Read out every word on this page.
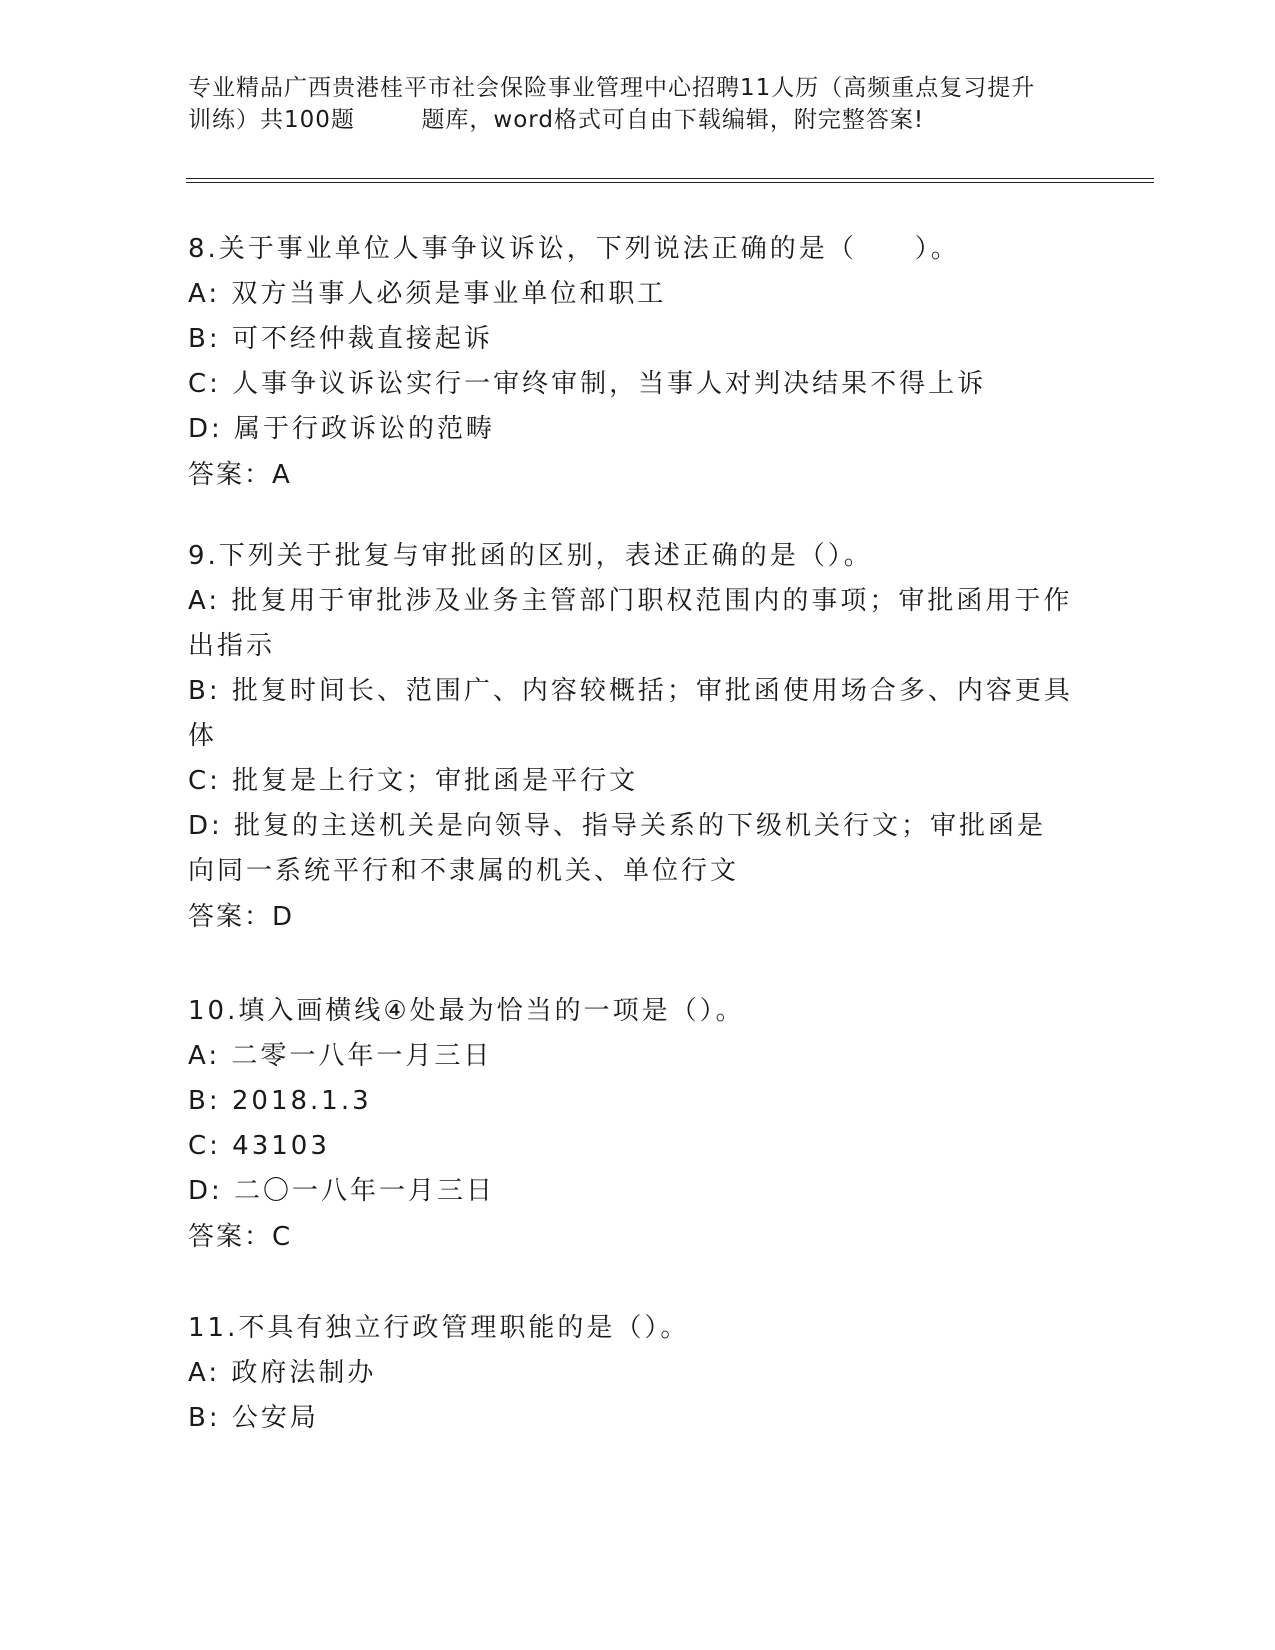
专业精品广西贵港桂平市社会保险事业管理中心招聘11人历（高频重点复习提升
训练）共100题        题库，word格式可自由下载编辑，附完整答案!
8.关于事业单位人事争议诉讼，下列说法正确的是（　　）。
A: 双方当事人必须是事业单位和职工
B: 可不经仲裁直接起诉
C: 人事争议诉讼实行一审终审制，当事人对判决结果不得上诉
D: 属于行政诉讼的范畴
答案：A
9.下列关于批复与审批函的区别，表述正确的是（）。
A: 批复用于审批涉及业务主管部门职权范围内的事项；审批函用于作出指示
B: 批复时间长、范围广、内容较概括；审批函使用场合多、内容更具体
C: 批复是上行文；审批函是平行文
D: 批复的主送机关是向领导、指导关系的下级机关行文；审批函是向同一系统平行和不隶属的机关、单位行文
答案：D
10.填入画横线④处最为恰当的一项是（）。
A: 二零一八年一月三日
B: 2018.1.3
C: 43103
D: 二〇一八年一月三日
答案：C
11.不具有独立行政管理职能的是（）。
A: 政府法制办
B: 公安局
